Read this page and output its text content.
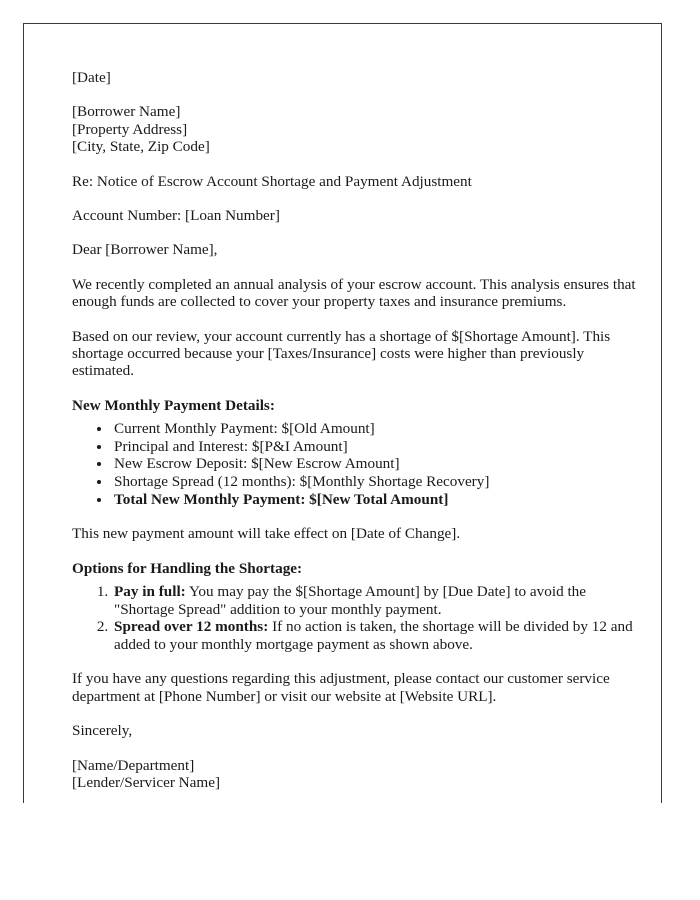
[Date]

[Borrower Name]

[Property Address]

[City, State, Zip Code]

Re: Notice of Escrow Account Shortage and Payment Adjustment

Account Number: [Loan Number]

Dear [Borrower Name],

We recently completed an annual analysis of your escrow account. This analysis ensures that enough funds are collected to cover your property taxes and insurance premiums.

Based on our review, your account currently has a shortage of $[Shortage Amount]. This shortage occurred because your [Taxes/Insurance] costs were higher than previously estimated.

New Monthly Payment Details:
• Current Monthly Payment: $[Old Amount]
• Principal and Interest: $[P&I Amount]
• New Escrow Deposit: $[New Escrow Amount]
• Shortage Spread (12 months): $[Monthly Shortage Recovery]
• Total New Monthly Payment: $[New Total Amount]

This new payment amount will take effect on [Date of Change].

Options for Handling the Shortage:
1. Pay in full: You may pay the $[Shortage Amount] by [Due Date] to avoid the "Shortage Spread" addition to your monthly payment.
2. Spread over 12 months: If no action is taken, the shortage will be divided by 12 and added to your monthly mortgage payment as shown above.

If you have any questions regarding this adjustment, please contact our customer service department at [Phone Number] or visit our website at [Website URL].

Sincerely,

[Name/Department]

[Lender/Servicer Name]
